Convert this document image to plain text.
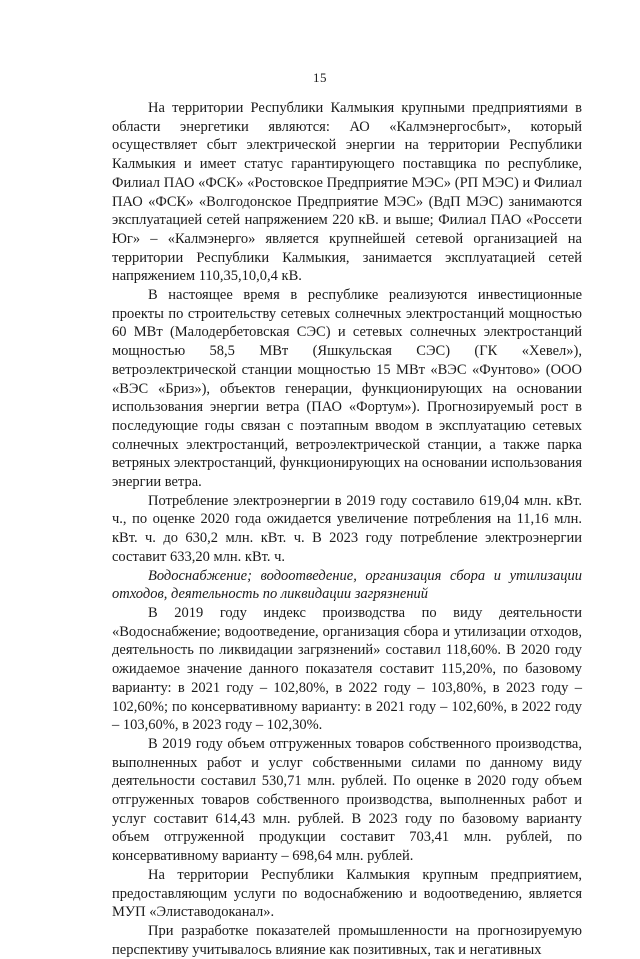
15

На территории Республики Калмыкия крупными предприятиями в области энергетики являются: АО «Калмэнергосбыт», который осуществляет сбыт электрической энергии на территории Республики Калмыкия и имеет статус гарантирующего поставщика по республике, Филиал ПАО «ФСК» «Ростовское Предприятие МЭС» (РП МЭС) и Филиал ПАО «ФСК» «Волгодонское Предприятие МЭС» (ВдП МЭС) занимаются эксплуатацией сетей напряжением 220 кВ. и выше; Филиал ПАО «Россети Юг» – «Калмэнерго» является крупнейшей сетевой организацией на территории Республики Калмыкия, занимается эксплуатацией сетей напряжением 110,35,10,0,4 кВ.

В настоящее время в республике реализуются инвестиционные проекты по строительству сетевых солнечных электростанций мощностью 60 МВт (Малодербетовская СЭС) и сетевых солнечных электростанций мощностью 58,5 МВт (Яшкульская СЭС) (ГК «Хевел»), ветроэлектрической станции мощностью 15 МВт «ВЭС «Фунтово» (ООО «ВЭС «Бриз»), объектов генерации, функционирующих на основании использования энергии ветра (ПАО «Фортум»). Прогнозируемый рост в последующие годы связан с поэтапным вводом в эксплуатацию сетевых солнечных электростанций, ветроэлектрической станции, а также парка ветряных электростанций, функционирующих на основании использования энергии ветра.

Потребление электроэнергии в 2019 году составило 619,04 млн. кВт. ч., по оценке 2020 года ожидается увеличение потребления на 11,16 млн. кВт. ч. до 630,2 млн. кВт. ч. В 2023 году потребление электроэнергии составит 633,20 млн. кВт. ч.

Водоснабжение; водоотведение, организация сбора и утилизации отходов, деятельность по ликвидации загрязнений

В 2019 году индекс производства по виду деятельности «Водоснабжение; водоотведение, организация сбора и утилизации отходов, деятельность по ликвидации загрязнений» составил 118,60%. В 2020 году ожидаемое значение данного показателя составит 115,20%, по базовому варианту: в 2021 году – 102,80%, в 2022 году – 103,80%, в 2023 году – 102,60%; по консервативному варианту: в 2021 году – 102,60%, в 2022 году – 103,60%, в 2023 году – 102,30%.

В 2019 году объем отгруженных товаров собственного производства, выполненных работ и услуг собственными силами по данному виду деятельности составил 530,71 млн. рублей. По оценке в 2020 году объем отгруженных товаров собственного производства, выполненных работ и услуг составит 614,43 млн. рублей. В 2023 году по базовому варианту объем отгруженной продукции составит 703,41 млн. рублей, по консервативному варианту – 698,64 млн. рублей.

На территории Республики Калмыкия крупным предприятием, предоставляющим услуги по водоснабжению и водоотведению, является МУП «Элиставодоканал».

При разработке показателей промышленности на прогнозируемую перспективу учитывалось влияние как позитивных, так и негативных
